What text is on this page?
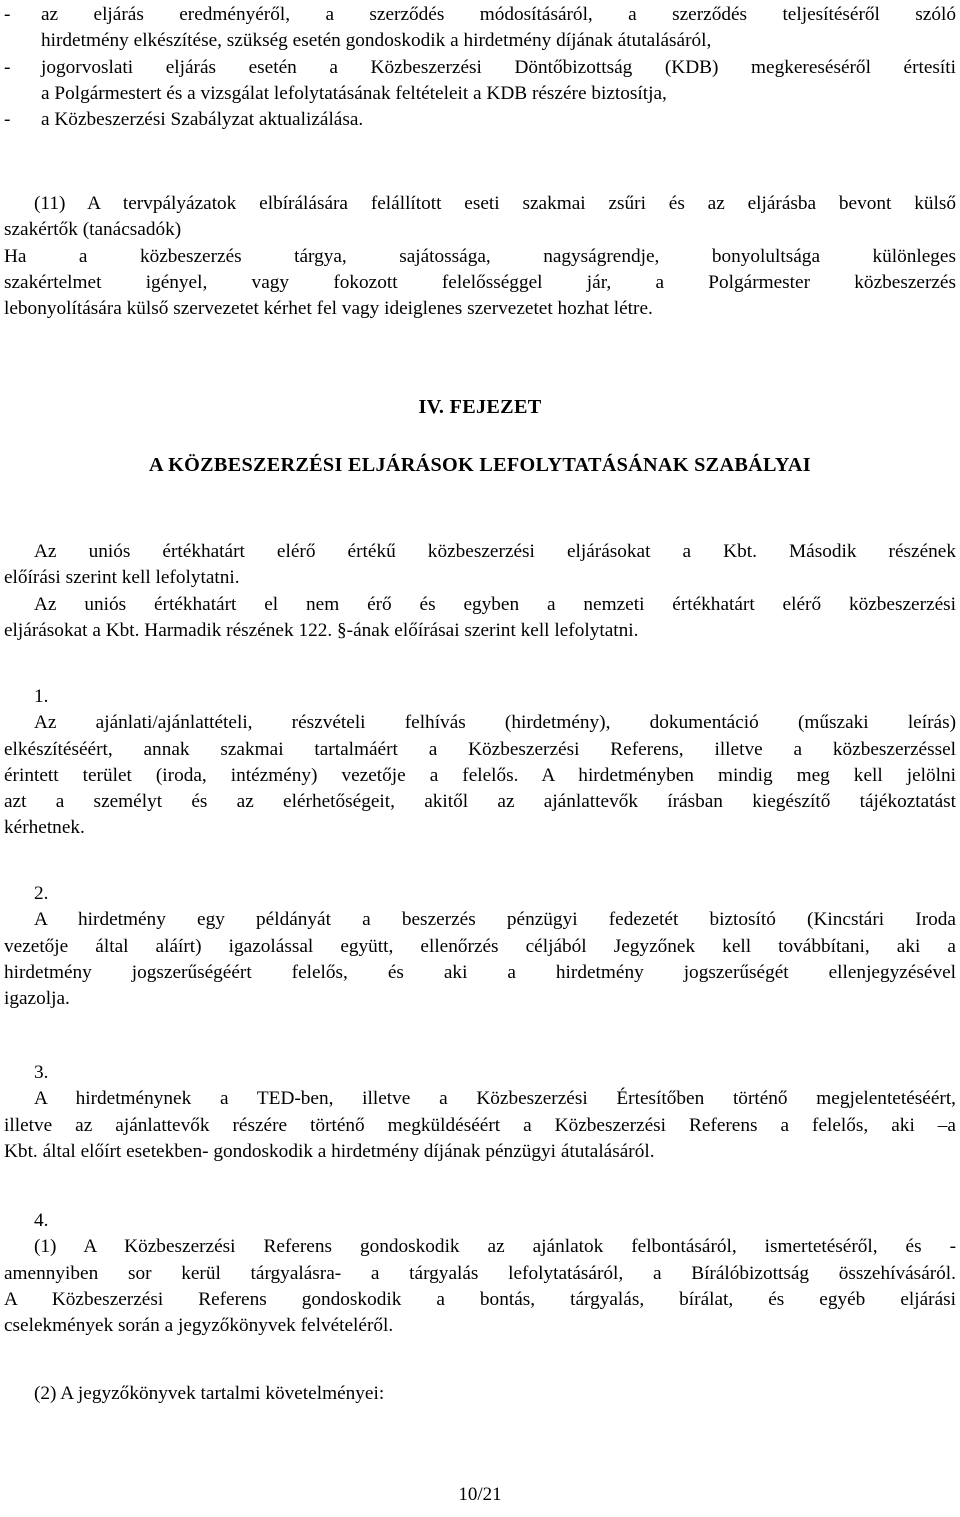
- az eljárás eredményéről, a szerződés módosításáról, a szerződés teljesítéséről szóló
hirdetmény elkészítése, szükség esetén gondoskodik a hirdetmény díjának átutalásáról,
- jogorvoslati eljárás esetén a Közbeszerzési Döntőbizottság (KDB) megkereséséről értesíti
a Polgármestert és a vizsgálat lefolytatásának feltételeit a KDB részére biztosítja,
- a Közbeszerzési Szabályzat aktualizálása.
(11) A tervpályázatok elbírálására felállított eseti szakmai zsűri és az eljárásba bevont külső
szakértők (tanácsadók)
Ha a közbeszerzés tárgya, sajátossága, nagyságrendje, bonyolultsága különleges
szakértelmet igényel, vagy fokozott felelősséggel jár, a Polgármester közbeszerzés
lebonyolítására külső szervezetet kérhet fel vagy ideiglenes szervezetet hozhat létre.
IV. FEJEZET
A KÖZBESZERZÉSI ELJÁRÁSOK LEFOLYTATÁSÁNAK SZABÁLYAI
Az uniós értékhatárt elérő értékű közbeszerzési eljárásokat a Kbt. Második részének
előírási szerint kell lefolytatni.
Az uniós értékhatárt el nem érő és egyben a nemzeti értékhatárt elérő közbeszerzési
eljárásokat a Kbt. Harmadik részének 122. §-ának előírásai szerint kell lefolytatni.
1.
Az ajánlati/ajánlattételi, részvételi felhívás (hirdetmény), dokumentáció (műszaki leírás)
elkészítéséért, annak szakmai tartalmáért a Közbeszerzési Referens, illetve a közbeszerzéssel
érintett terület (iroda, intézmény) vezetője a felelős. A hirdetményben mindig meg kell jelölni
azt a személyt és az elérhetőségeit, akitől az ajánlattevők írásban kiegészítő tájékoztatást
kérhetnek.
2.
A hirdetmény egy példányát a beszerzés pénzügyi fedezetét biztosító (Kincstári Iroda
vezetője által aláírt) igazolással együtt, ellenőrzés céljából Jegyzőnek kell továbbítani, aki a
hirdetmény jogszerűségéért felelős, és aki a hirdetmény jogszerűségét ellenjegyzésével
igazolja.
3.
A hirdetménynek a TED-ben, illetve a Közbeszerzési Értesítőben történő megjelentetéséért,
illetve az ajánlattevők részére történő megküldéséért a Közbeszerzési Referens a felelős, aki –a
Kbt. által előírt esetekben- gondoskodik a hirdetmény díjának pénzügyi átutalásáról.
4.
(1) A Közbeszerzési Referens gondoskodik az ajánlatok felbontásáról, ismertetéséről, és -
amennyiben sor kerül tárgyalásra- a tárgyalás lefolytatásáról, a Bírálóbizottság összehívásáról.
A Közbeszerzési Referens gondoskodik a bontás, tárgyalás, bírálat, és egyéb eljárási
cselekmények során a jegyzőkönyvek felvételéről.
(2) A jegyzőkönyvek tartalmi követelményei:
10/21
